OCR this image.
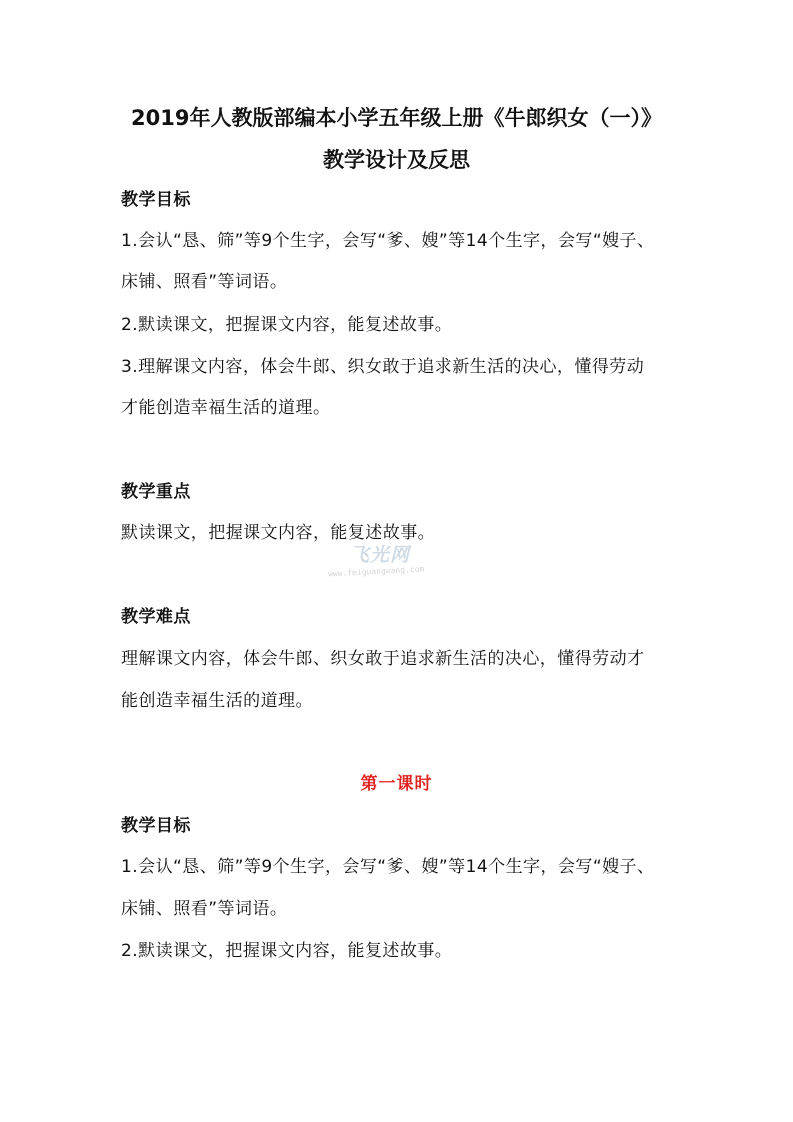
2019年人教版部编本小学五年级上册《牛郎织女（一）》
教学设计及反思
教学目标
1.会认“恳、筛”等9个生字，会写“爹、嫂”等14个生字，会写“嫂子、
床铺、照看”等词语。
2.默读课文，把握课文内容，能复述故事。
3.理解课文内容，体会牛郎、织女敢于追求新生活的决心，懂得劳动
才能创造幸福生活的道理。
教学重点
默读课文，把握课文内容，能复述故事。
飞光网
www.feiguangwang.com
教学难点
理解课文内容，体会牛郎、织女敢于追求新生活的决心，懂得劳动才
能创造幸福生活的道理。
第一课时
教学目标
1.会认“恳、筛”等9个生字，会写“爹、嫂”等14个生字，会写“嫂子、
床铺、照看”等词语。
2.默读课文，把握课文内容，能复述故事。
